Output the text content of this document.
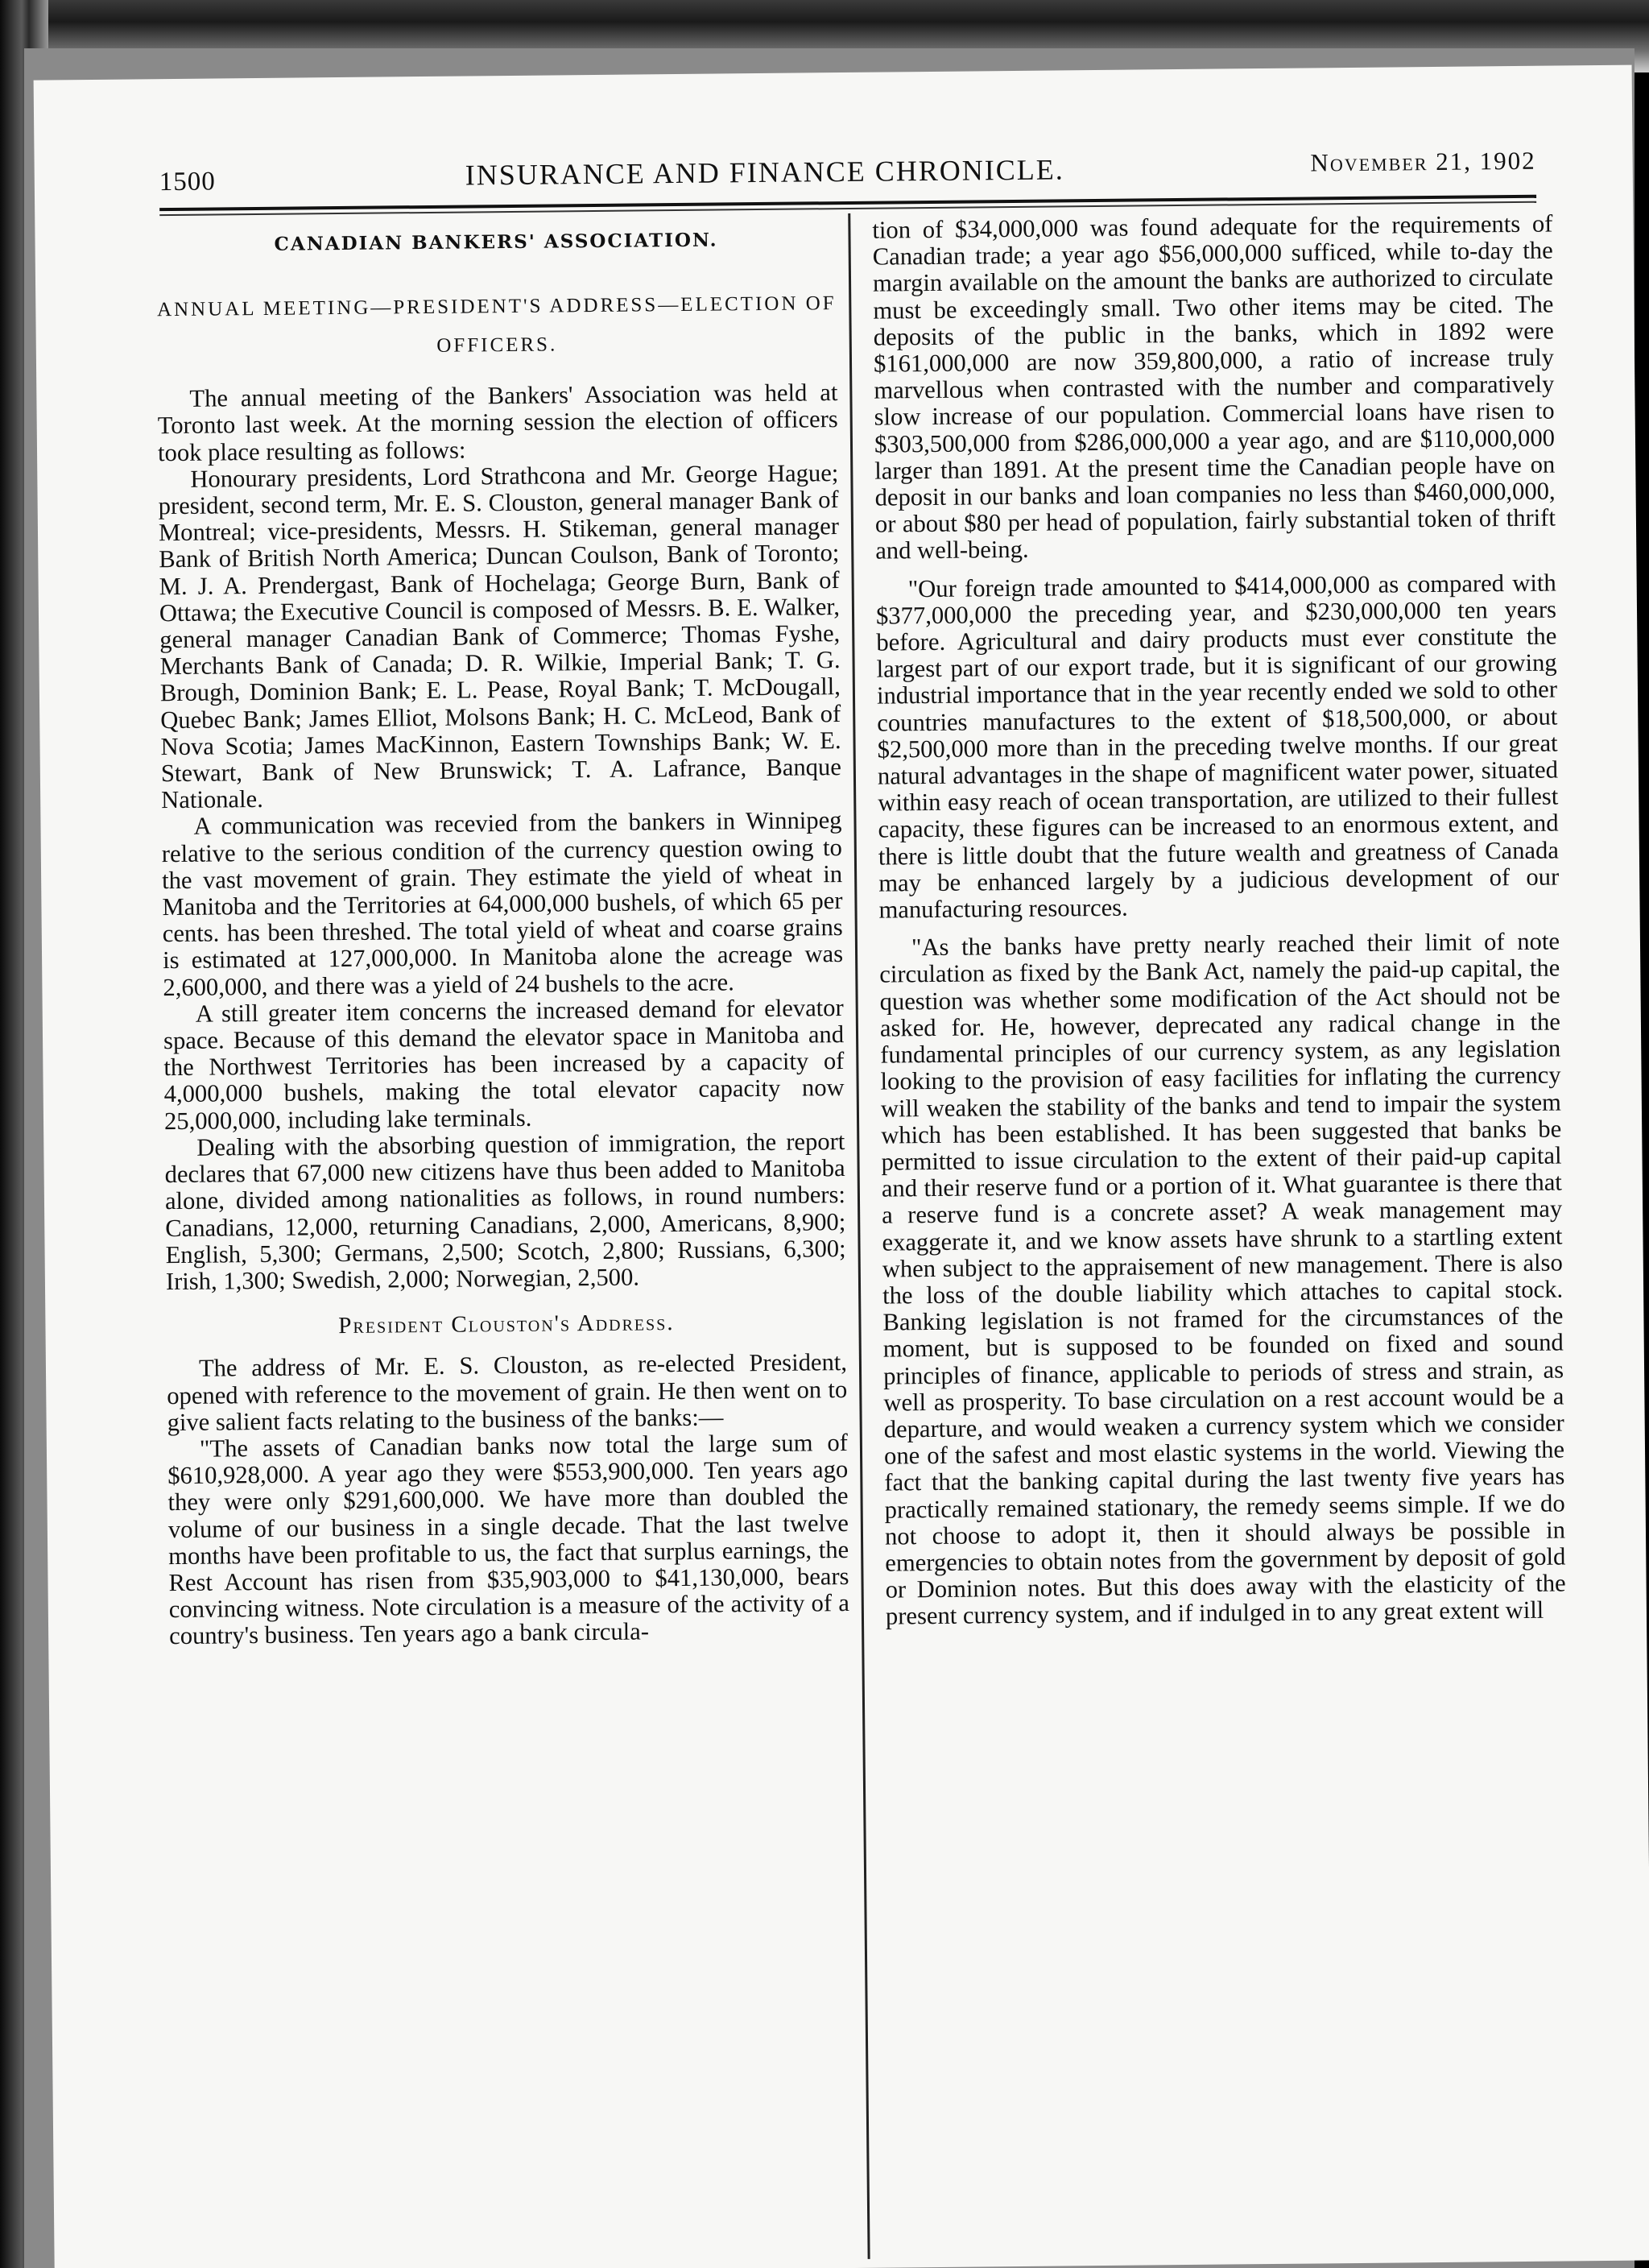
1500	INSURANCE AND FINANCE CHRONICLE.	November 21, 1902
CANADIAN BANKERS' ASSOCIATION.
ANNUAL MEETING—PRESIDENT'S ADDRESS—ELECTION OF OFFICERS.

The annual meeting of the Bankers' Association was held at Toronto last week. At the morning session the election of officers took place resulting as follows:

Honourary presidents, Lord Strathcona and Mr. George Hague; president, second term, Mr. E. S. Clouston, general manager Bank of Montreal; vice-presidents, Messrs. H. Stikeman, general manager Bank of British North America; Duncan Coulson, Bank of Toronto; M. J. A. Prendergast, Bank of Hochelaga; George Burn, Bank of Ottawa; the Executive Council is composed of Messrs. B. E. Walker, general manager Canadian Bank of Commerce; Thomas Fyshe, Merchants Bank of Canada; D. R. Wilkie, Imperial Bank; T. G. Brough, Dominion Bank; E. L. Pease, Royal Bank; T. McDougall, Quebec Bank; James Elliot, Molsons Bank; H. C. McLeod, Bank of Nova Scotia; James MacKinnon, Eastern Townships Bank; W. E. Stewart, Bank of New Brunswick; T. A. Lafrance, Banque Nationale.

A communication was recevied from the bankers in Winnipeg relative to the serious condition of the currency question owing to the vast movement of grain. They estimate the yield of wheat in Manitoba and the Territories at 64,000,000 bushels, of which 65 per cents. has been threshed. The total yield of wheat and coarse grains is estimated at 127,000,000. In Manitoba alone the acreage was 2,600,000, and there was a yield of 24 bushels to the acre.

A still greater item concerns the increased demand for elevator space. Because of this demand the elevator space in Manitoba and the Northwest Territories has been increased by a capacity of 4,000,000 bushels, making the total elevator capacity now 25,000,000, including lake terminals.

Dealing with the absorbing question of immigration, the report declares that 67,000 new citizens have thus been added to Manitoba alone, divided among nationalities as follows, in round numbers: Canadians, 12,000, returning Canadians, 2,000, Americans, 8,900; English, 5,300; Germans, 2,500; Scotch, 2,800; Russians, 6,300; Irish, 1,300; Swedish, 2,000; Norwegian, 2,500.

President Clouston's Address.

The address of Mr. E. S. Clouston, as re-elected President, opened with reference to the movement of grain. He then went on to give salient facts relating to the business of the banks:—

"The assets of Canadian banks now total the large sum of $610,928,000. A year ago they were $553,900,000. Ten years ago they were only $291,600,000. We have more than doubled the volume of our business in a single decade. That the last twelve months have been profitable to us, the fact that surplus earnings, the Rest Account has risen from $35,903,000 to $41,130,000, bears convincing witness. Note circulation is a measure of the activity of a country's business. Ten years ago a bank circula-

tion of $34,000,000 was found adequate for the requirements of Canadian trade; a year ago $56,000,000 sufficed, while to-day the margin available on the amount the banks are authorized to circulate must be exceedingly small. Two other items may be cited. The deposits of the public in the banks, which in 1892 were $161,000,000 are now 359,800,000, a ratio of increase truly marvellous when contrasted with the number and comparatively slow increase of our population. Commercial loans have risen to $303,500,000 from $286,000,000 a year ago, and are $110,000,000 larger than 1891. At the present time the Canadian people have on deposit in our banks and loan companies no less than $460,000,000, or about $80 per head of population, fairly substantial token of thrift and well-being.

"Our foreign trade amounted to $414,000,000 as compared with $377,000,000 the preceding year, and $230,000,000 ten years before. Agricultural and dairy products must ever constitute the largest part of our export trade, but it is significant of our growing industrial importance that in the year recently ended we sold to other countries manufactures to the extent of $18,500,000, or about $2,500,000 more than in the preceding twelve months. If our great natural advantages in the shape of magnificent water power, situated within easy reach of ocean transportation, are utilized to their fullest capacity, these figures can be increased to an enormous extent, and there is little doubt that the future wealth and greatness of Canada may be enhanced largely by a judicious development of our manufacturing resources.

"As the banks have pretty nearly reached their limit of note circulation as fixed by the Bank Act, namely the paid-up capital, the question was whether some modification of the Act should not be asked for. He, however, deprecated any radical change in the fundamental principles of our currency system, as any legislation looking to the provision of easy facilities for inflating the currency will weaken the stability of the banks and tend to impair the system which has been established. It has been suggested that banks be permitted to issue circulation to the extent of their paid-up capital and their reserve fund or a portion of it. What guarantee is there that a reserve fund is a concrete asset? A weak management may exaggerate it, and we know assets have shrunk to a startling extent when subject to the appraisement of new management. There is also the loss of the double liability which attaches to capital stock. Banking legislation is not framed for the circumstances of the moment, but is supposed to be founded on fixed and sound principles of finance, applicable to periods of stress and strain, as well as prosperity. To base circulation on a rest account would be a departure, and would weaken a currency system which we consider one of the safest and most elastic systems in the world. Viewing the fact that the banking capital during the last twenty five years has practically remained stationary, the remedy seems simple. If we do not choose to adopt it, then it should always be possible in emergencies to obtain notes from the government by deposit of gold or Dominion notes. But this does away with the elasticity of the present currency system, and if indulged in to any great extent will
